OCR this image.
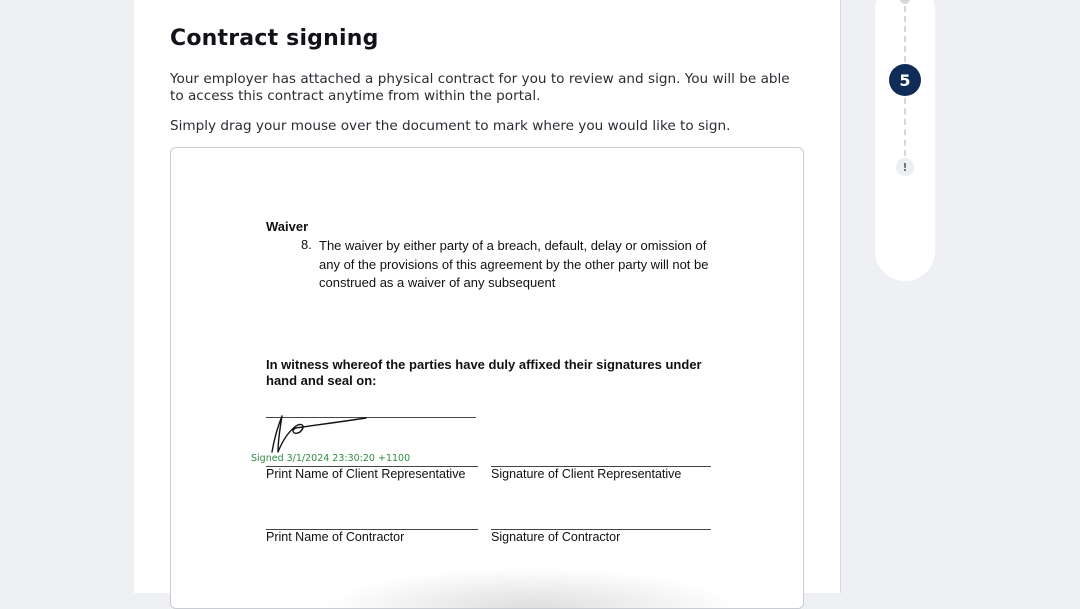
Contract signing

Your employer has attached a physical contract for you to review and sign. You will be able to access this contract anytime from within the portal.

Simply drag your mouse over the document to mark where you would like to sign.

Waiver
8. The waiver by either party of a breach, default, delay or omission of any of the provisions of this agreement by the other party will not be construed as a waiver of any subsequent
In witness whereof the parties have duly affixed their signatures under hand and seal on:
Signed 3/1/2024 23:30:20 +1100
Print Name of Client Representative Signature of Client Representative
Print Name of Contractor	Signature of Contractor
5
!
